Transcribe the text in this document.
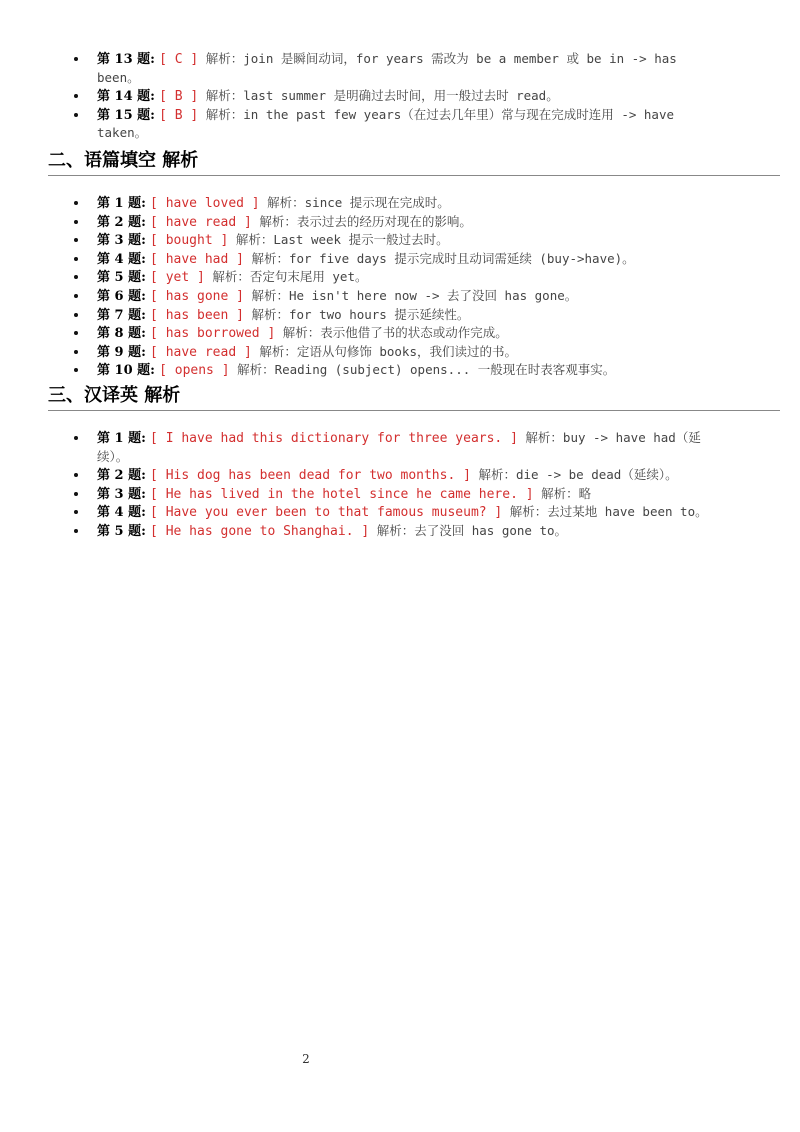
第 13 题: [ C ] 解析：join 是瞬间动词，for years 需改为 be a member 或 be in -> has been。
第 14 题: [ B ] 解析：last summer 是明确过去时间，用一般过去时 read。
第 15 题: [ B ] 解析：in the past few years（在过去几年里）常与现在完成时连用 -> have taken。
二、语篇填空 解析
第 1 题: [ have loved ] 解析：since 提示现在完成时。
第 2 题: [ have read ] 解析：表示过去的经历对现在的影响。
第 3 题: [ bought ] 解析：Last week 提示一般过去时。
第 4 题: [ have had ] 解析：for five days 提示完成时且动词需延续 (buy->have)。
第 5 题: [ yet ] 解析：否定句末尾用 yet。
第 6 题: [ has gone ] 解析：He isn't here now -> 去了没回 has gone。
第 7 题: [ has been ] 解析：for two hours 提示延续性。
第 8 题: [ has borrowed ] 解析：表示他借了书的状态或动作完成。
第 9 题: [ have read ] 解析：定语从句修饰 books，我们读过的书。
第 10 题: [ opens ] 解析：Reading (subject) opens... 一般现在时表客观事实。
三、汉译英 解析
第 1 题: [ I have had this dictionary for three years. ] 解析：buy -> have had（延续）。
第 2 题: [ His dog has been dead for two months. ] 解析：die -> be dead（延续）。
第 3 题: [ He has lived in the hotel since he came here. ] 解析：略
第 4 题: [ Have you ever been to that famous museum? ] 解析：去过某地 have been to。
第 5 题: [ He has gone to Shanghai. ] 解析：去了没回 has gone to。
2
